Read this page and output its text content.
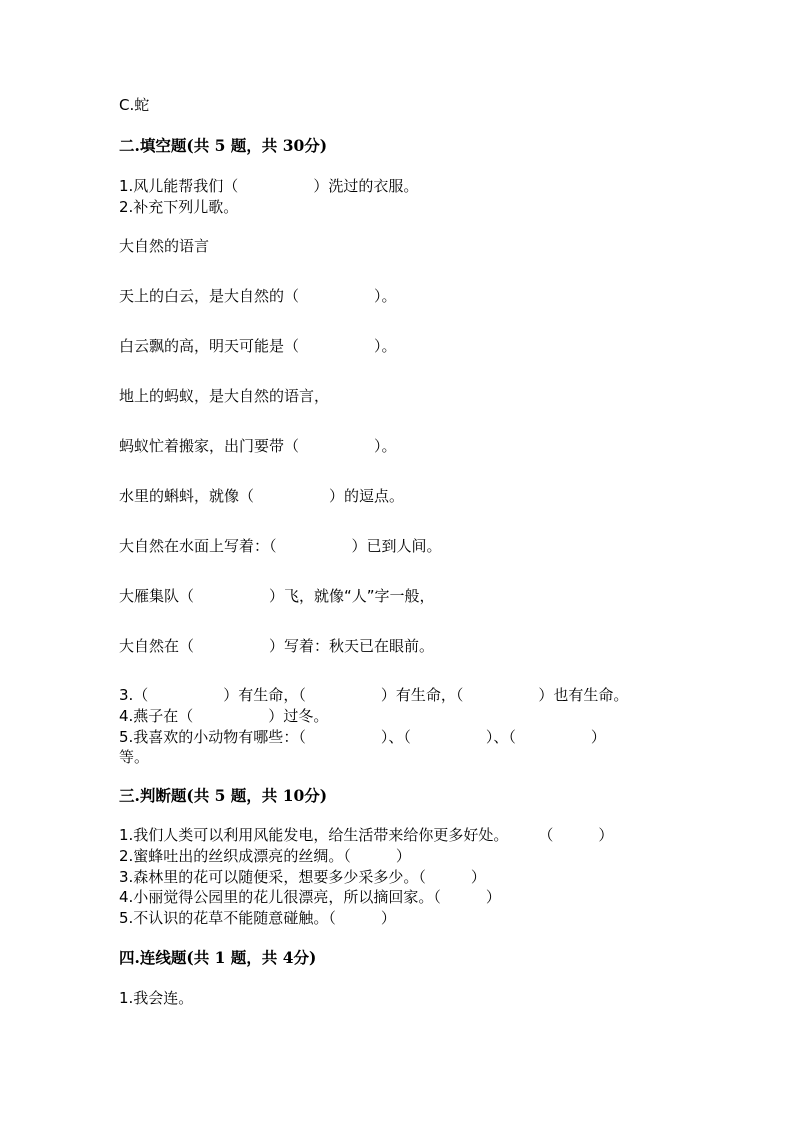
C.蛇
二.填空题(共 5 题，共 30分)
1.风儿能帮我们（　　　　　）洗过的衣服。
2.补充下列儿歌。
大自然的语言
天上的白云，是大自然的（　　　　　）。
白云飘的高，明天可能是（　　　　　）。
地上的蚂蚁，是大自然的语言，
蚂蚁忙着搬家，出门要带（　　　　　）。
水里的蝌蚪，就像（　　　　　）的逗点。
大自然在水面上写着：（　　　　　）已到人间。
大雁集队（　　　　　）飞，就像“人”字一般，
大自然在（　　　　　）写着：秋天已在眼前。
3.（　　　　　）有生命，（　　　　　）有生命，（　　　　　）也有生命。
4.燕子在（　　　　　）过冬。
5.我喜欢的小动物有哪些：（　　　　　）、（　　　　　）、（　　　　　）
等。
三.判断题(共 5 题，共 10分)
1.我们人类可以利用风能发电，给生活带来给你更多好处。　　　（　　　）
2.蜜蜂吐出的丝织成漂亮的丝绸。（　　　）
3.森林里的花可以随便采，想要多少采多少。（　　　）
4.小丽觉得公园里的花儿很漂亮，所以摘回家。（　　　）
5.不认识的花草不能随意碰触。（　　　）
四.连线题(共 1 题，共 4分)
1.我会连。
